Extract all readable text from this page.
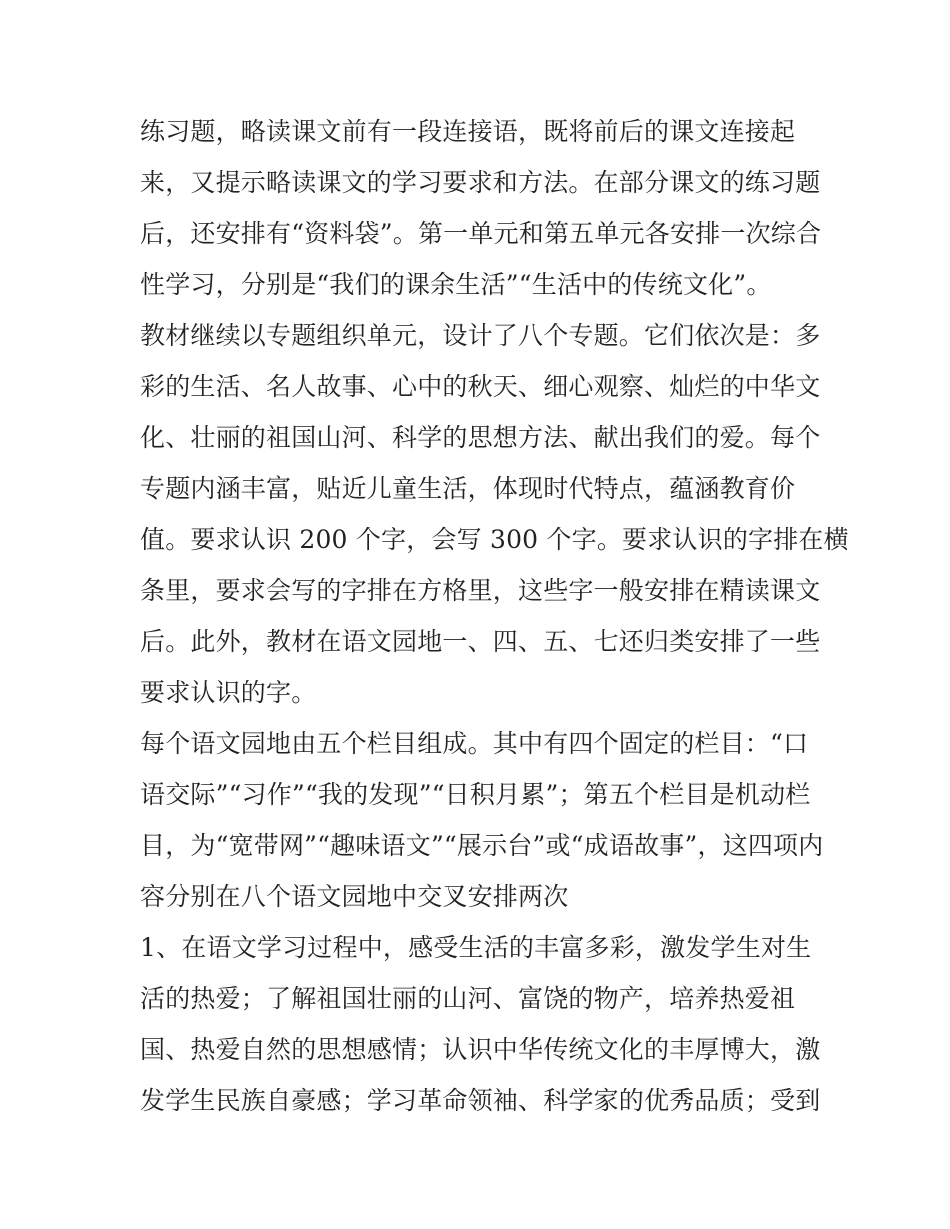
练习题，略读课文前有一段连接语，既将前后的课文连接起
来，又提示略读课文的学习要求和方法。在部分课文的练习题
后，还安排有“资料袋”。第一单元和第五单元各安排一次综合
性学习，分别是“我们的课余生活”“生活中的传统文化”。
教材继续以专题组织单元，设计了八个专题。它们依次是：多
彩的生活、名人故事、心中的秋天、细心观察、灿烂的中华文
化、壮丽的祖国山河、科学的思想方法、献出我们的爱。每个
专题内涵丰富，贴近儿童生活，体现时代特点，蕴涵教育价
值。要求认识 200 个字，会写 300 个字。要求认识的字排在横
条里，要求会写的字排在方格里，这些字一般安排在精读课文
后。此外，教材在语文园地一、四、五、七还归类安排了一些
要求认识的字。
每个语文园地由五个栏目组成。其中有四个固定的栏目：“口
语交际”“习作”“我的发现”“日积月累”；第五个栏目是机动栏
目，为“宽带网”“趣味语文”“展示台”或“成语故事”，这四项内
容分别在八个语文园地中交叉安排两次
1、在语文学习过程中，感受生活的丰富多彩，激发学生对生
活的热爱；了解祖国壮丽的山河、富饶的物产，培养热爱祖
国、热爱自然的思想感情；认识中华传统文化的丰厚博大，激
发学生民族自豪感；学习革命领袖、科学家的优秀品质；受到
